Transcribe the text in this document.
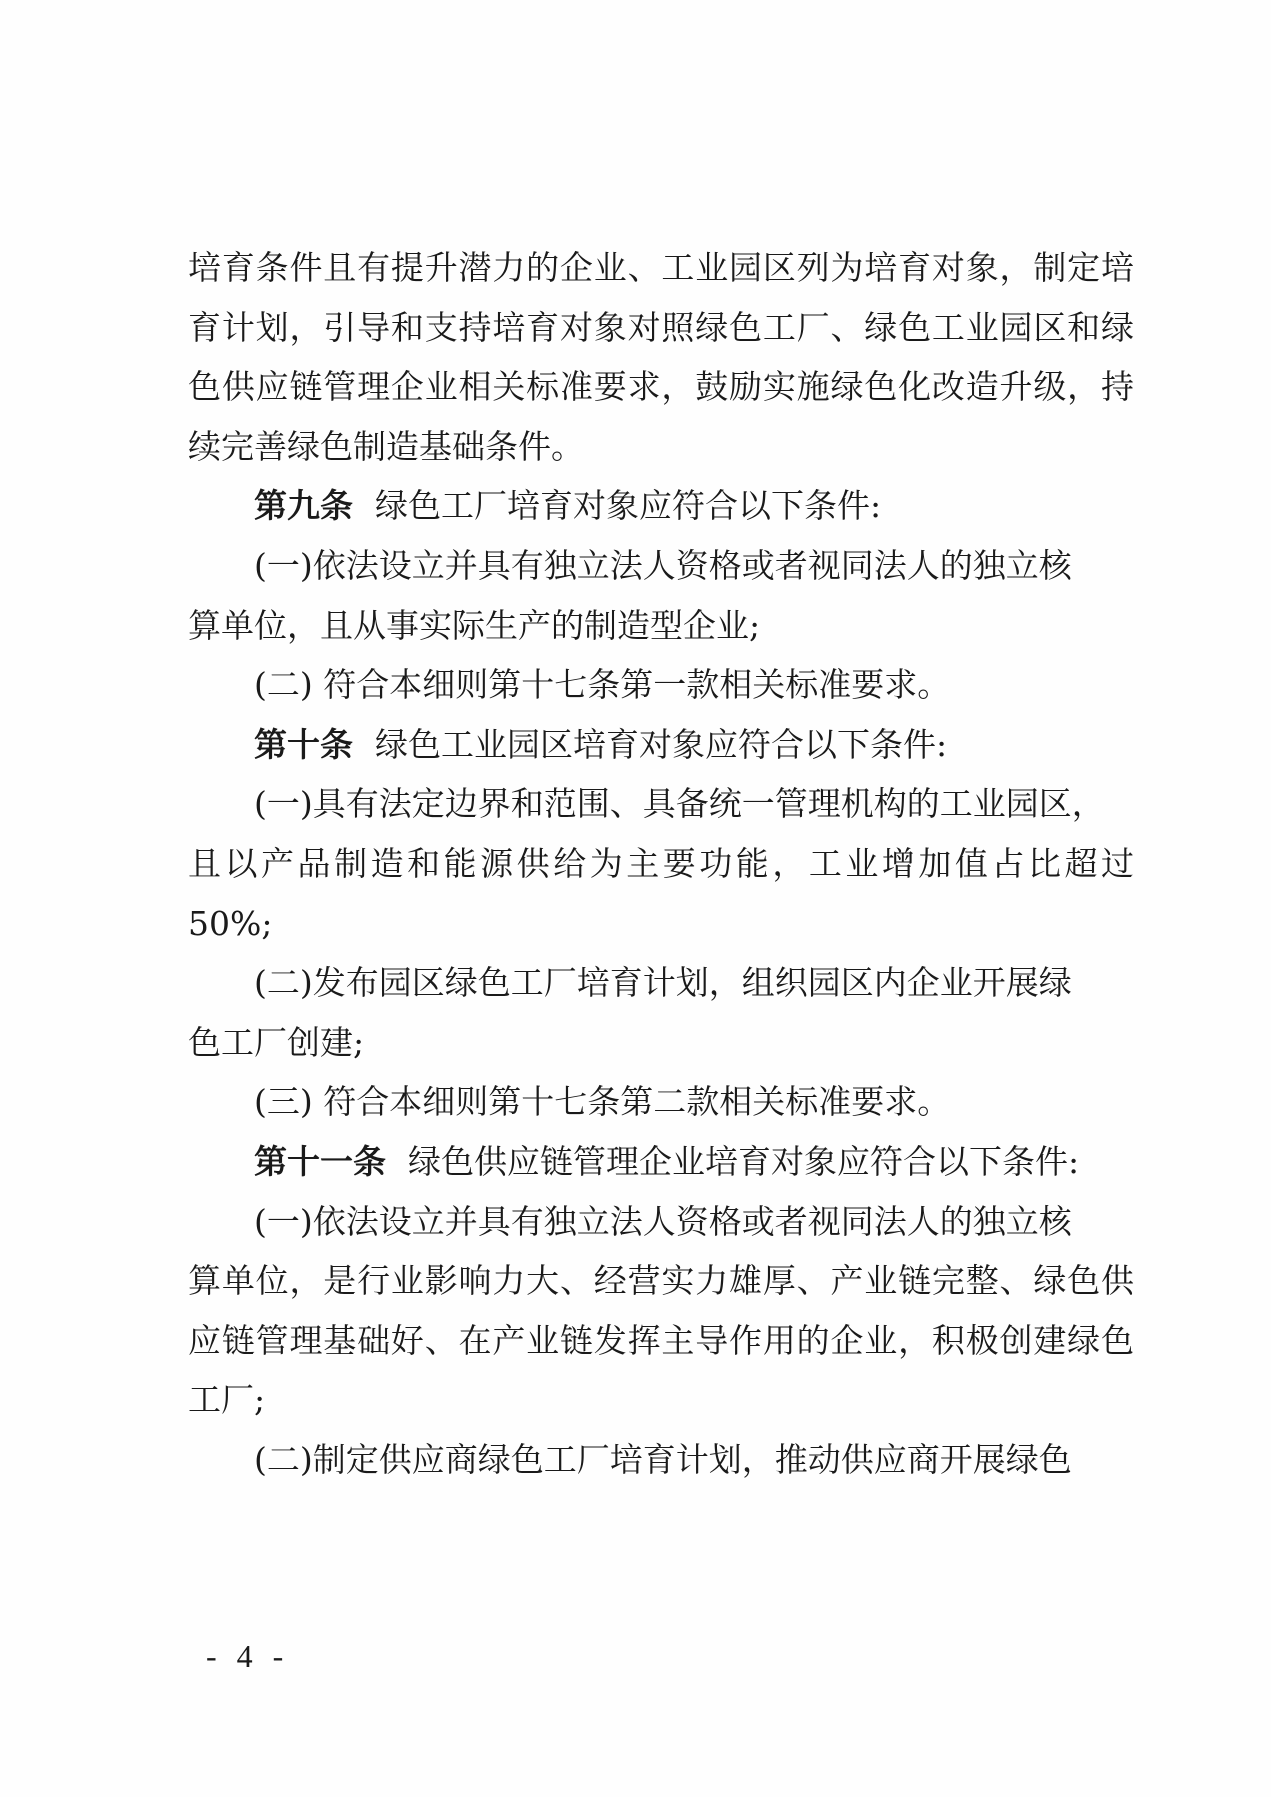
培育条件且有提升潜力的企业、工业园区列为培育对象，制定培
育计划，引导和支持培育对象对照绿色工厂、绿色工业园区和绿
色供应链管理企业相关标准要求，鼓励实施绿色化改造升级，持
续完善绿色制造基础条件。
第九条 绿色工厂培育对象应符合以下条件:
(一)依法设立并具有独立法人资格或者视同法人的独立核
算单位，且从事实际生产的制造型企业;
(二) 符合本细则第十七条第一款相关标准要求。
第十条 绿色工业园区培育对象应符合以下条件:
(一)具有法定边界和范围、具备统一管理机构的工业园区，
且以产品制造和能源供给为主要功能，工业增加值占比超过
50%;
(二)发布园区绿色工厂培育计划，组织园区内企业开展绿
色工厂创建;
(三) 符合本细则第十七条第二款相关标准要求。
第十一条 绿色供应链管理企业培育对象应符合以下条件:
(一)依法设立并具有独立法人资格或者视同法人的独立核
算单位，是行业影响力大、经营实力雄厚、产业链完整、绿色供
应链管理基础好、在产业链发挥主导作用的企业，积极创建绿色
工厂;
(二)制定供应商绿色工厂培育计划，推动供应商开展绿色
- 4 -
